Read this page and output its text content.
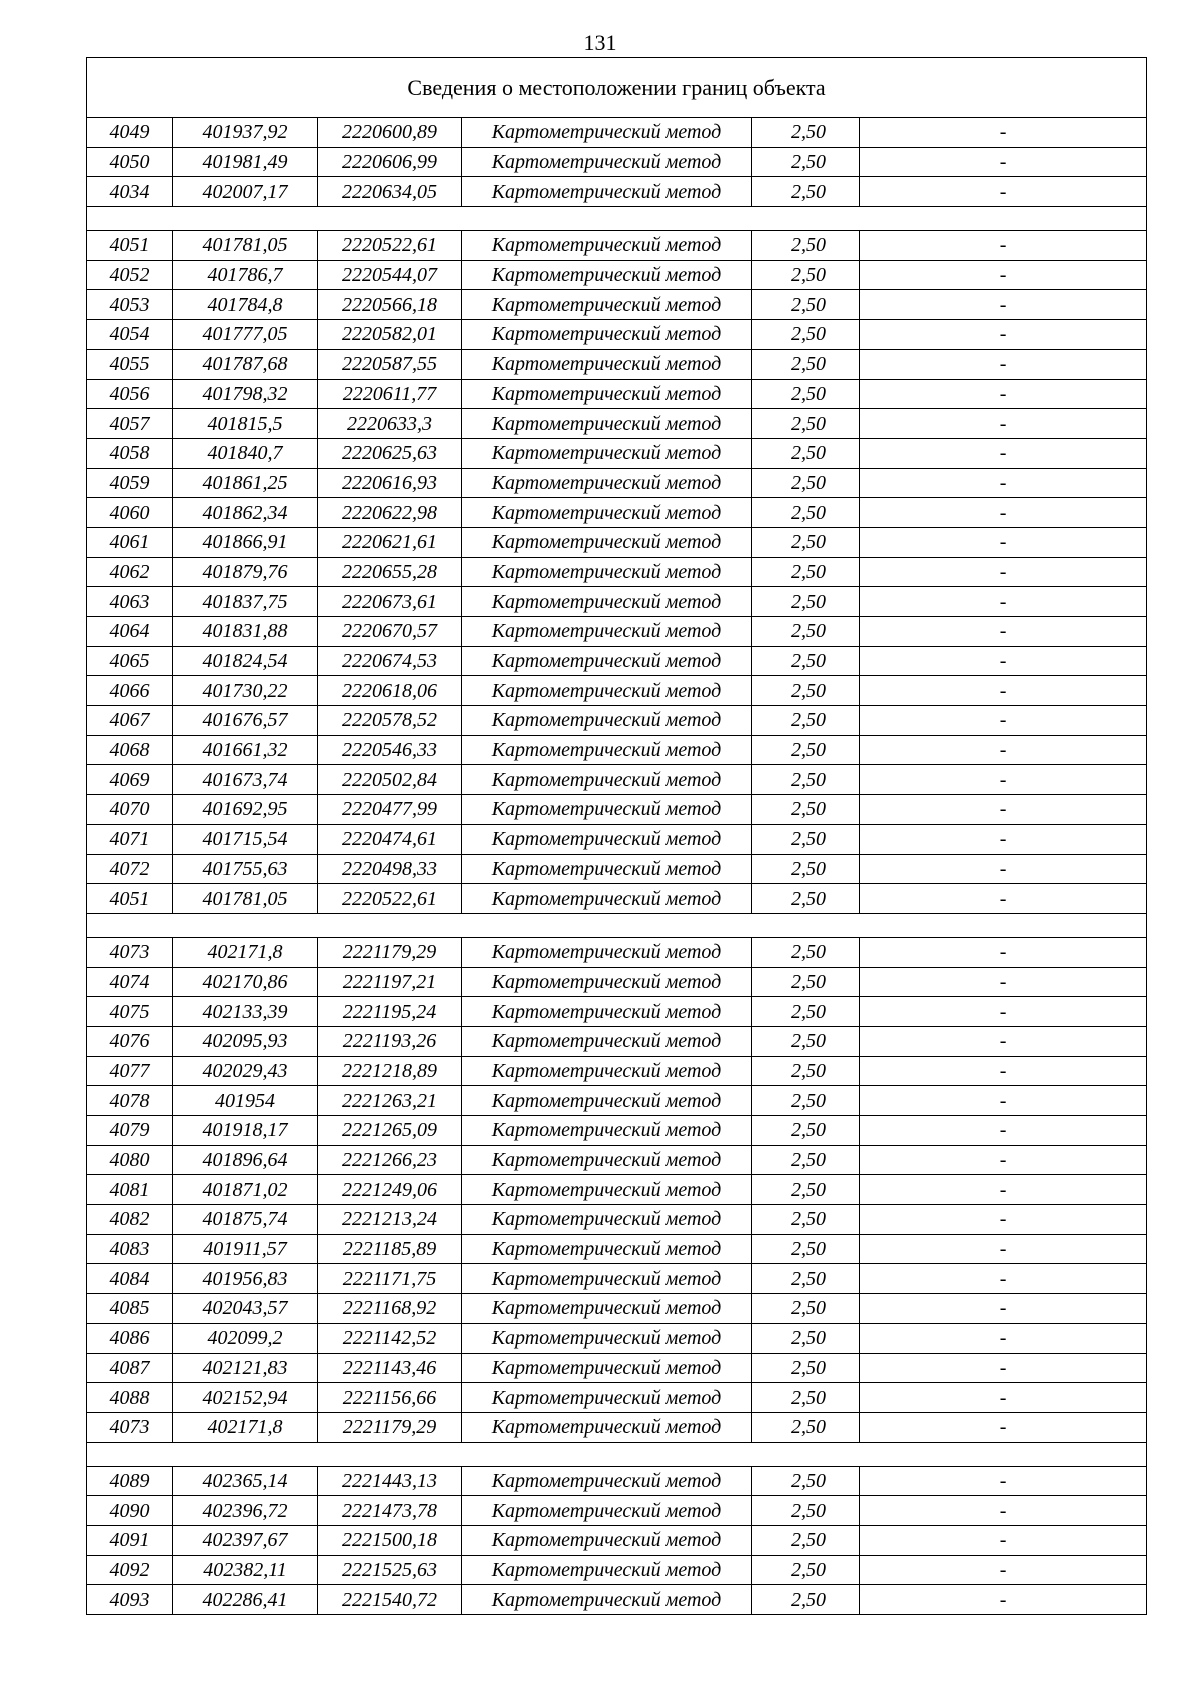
131
Сведения о местоположении границ объекта					
4049	401937,92	2220600,89	Картометрический метод	2,50	-
4050	401981,49	2220606,99	Картометрический метод	2,50	-
4034	402007,17	2220634,05	Картометрический метод	2,50	-

4051	401781,05	2220522,61	Картометрический метод	2,50	-
4052	401786,7	2220544,07	Картометрический метод	2,50	-
4053	401784,8	2220566,18	Картометрический метод	2,50	-
4054	401777,05	2220582,01	Картометрический метод	2,50	-
4055	401787,68	2220587,55	Картометрический метод	2,50	-
4056	401798,32	2220611,77	Картометрический метод	2,50	-
4057	401815,5	2220633,3	Картометрический метод	2,50	-
4058	401840,7	2220625,63	Картометрический метод	2,50	-
4059	401861,25	2220616,93	Картометрический метод	2,50	-
4060	401862,34	2220622,98	Картометрический метод	2,50	-
4061	401866,91	2220621,61	Картометрический метод	2,50	-
4062	401879,76	2220655,28	Картометрический метод	2,50	-
4063	401837,75	2220673,61	Картометрический метод	2,50	-
4064	401831,88	2220670,57	Картометрический метод	2,50	-
4065	401824,54	2220674,53	Картометрический метод	2,50	-
4066	401730,22	2220618,06	Картометрический метод	2,50	-
4067	401676,57	2220578,52	Картометрический метод	2,50	-
4068	401661,32	2220546,33	Картометрический метод	2,50	-
4069	401673,74	2220502,84	Картометрический метод	2,50	-
4070	401692,95	2220477,99	Картометрический метод	2,50	-
4071	401715,54	2220474,61	Картометрический метод	2,50	-
4072	401755,63	2220498,33	Картометрический метод	2,50	-
4051	401781,05	2220522,61	Картометрический метод	2,50	-

4073	402171,8	2221179,29	Картометрический метод	2,50	-
4074	402170,86	2221197,21	Картометрический метод	2,50	-
4075	402133,39	2221195,24	Картометрический метод	2,50	-
4076	402095,93	2221193,26	Картометрический метод	2,50	-
4077	402029,43	2221218,89	Картометрический метод	2,50	-
4078	401954	2221263,21	Картометрический метод	2,50	-
4079	401918,17	2221265,09	Картометрический метод	2,50	-
4080	401896,64	2221266,23	Картометрический метод	2,50	-
4081	401871,02	2221249,06	Картометрический метод	2,50	-
4082	401875,74	2221213,24	Картометрический метод	2,50	-
4083	401911,57	2221185,89	Картометрический метод	2,50	-
4084	401956,83	2221171,75	Картометрический метод	2,50	-
4085	402043,57	2221168,92	Картометрический метод	2,50	-
4086	402099,2	2221142,52	Картометрический метод	2,50	-
4087	402121,83	2221143,46	Картометрический метод	2,50	-
4088	402152,94	2221156,66	Картометрический метод	2,50	-
4073	402171,8	2221179,29	Картометрический метод	2,50	-

4089	402365,14	2221443,13	Картометрический метод	2,50	-
4090	402396,72	2221473,78	Картометрический метод	2,50	-
4091	402397,67	2221500,18	Картометрический метод	2,50	-
4092	402382,11	2221525,63	Картометрический метод	2,50	-
4093	402286,41	2221540,72	Картометрический метод	2,50	-
